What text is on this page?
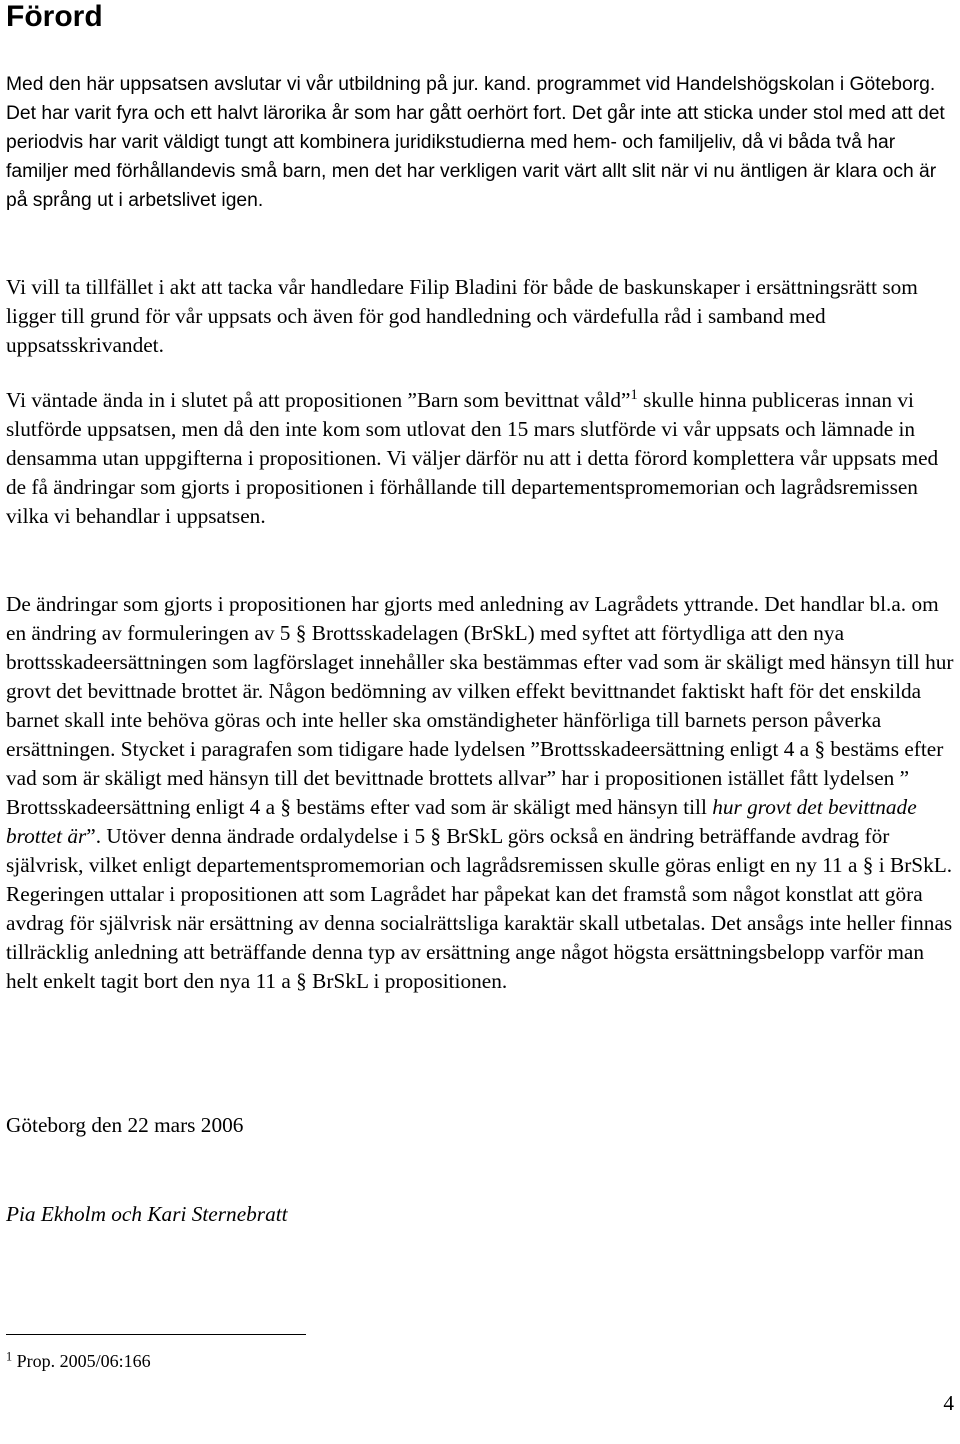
Förord

Med den här uppsatsen avslutar vi vår utbildning på jur. kand. programmet vid Handelshögskolan i Göteborg. Det har varit fyra och ett halvt lärorika år som har gått oerhört fort. Det går inte att sticka under stol med att det periodvis har varit väldigt tungt att kombinera juridikstudierna med hem- och familjeliv, då vi båda två har familjer med förhållandevis små barn, men det har verkligen varit värt allt slit när vi nu äntligen är klara och är på språng ut i arbetslivet igen.

Vi vill ta tillfället i akt att tacka vår handledare Filip Bladini för både de baskunskaper i ersättningsrätt som ligger till grund för vår uppsats och även för god handledning och värdefulla råd i samband med uppsatsskrivandet.

Vi väntade ända in i slutet på att propositionen ”Barn som bevittnat våld”$^1$ skulle hinna publiceras innan vi slutförde uppsatsen, men då den inte kom som utlovat den 15 mars slutförde vi vår uppsats och lämnade in densamma utan uppgifterna i propositionen. Vi väljer därför nu att i detta förord komplettera vår uppsats med de få ändringar som gjorts i propositionen i förhållande till departementspromemorian och lagrådsremissen vilka vi behandlar i uppsatsen.

De ändringar som gjorts i propositionen har gjorts med anledning av Lagrådets yttrande. Det handlar bl.a. om en ändring av formuleringen av 5 § Brottsskadelagen (BrSkL) med syftet att förtydliga att den nya brottsskadeersättningen som lagförslaget innehåller ska bestämmas efter vad som är skäligt med hänsyn till hur grovt det bevittnade brottet är. Någon bedömning av vilken effekt bevittnandet faktiskt haft för det enskilda barnet skall inte behöva göras och inte heller ska omständigheter hänförliga till barnets person påverka ersättningen. Stycket i paragrafen som tidigare hade lydelsen ”Brottsskadeersättning enligt 4 a § bestäms efter vad som är skäligt med hänsyn till det bevittnade brottets allvar” har i propositionen istället fått lydelsen ” Brottsskadeersättning enligt 4 a § bestäms efter vad som är skäligt med hänsyn till hur grovt det bevittnade brottet är”. Utöver denna ändrade ordalydelse i 5 § BrSkL görs också en ändring beträffande avdrag för självrisk, vilket enligt departementspromemorian och lagrådsremissen skulle göras enligt en ny 11 a § i BrSkL. Regeringen uttalar i propositionen att som Lagrådet har påpekat kan det framstå som något konstlat att göra avdrag för självrisk när ersättning av denna socialrättsliga karaktär skall utbetalas. Det ansågs inte heller finnas tillräcklig anledning att beträffande denna typ av ersättning ange något högsta ersättningsbelopp varför man helt enkelt tagit bort den nya 11 a § BrSkL i propositionen.

Göteborg den 22 mars 2006

Pia Ekholm och Kari Sternebratt

$^1$ Prop. 2005/06:166

4
